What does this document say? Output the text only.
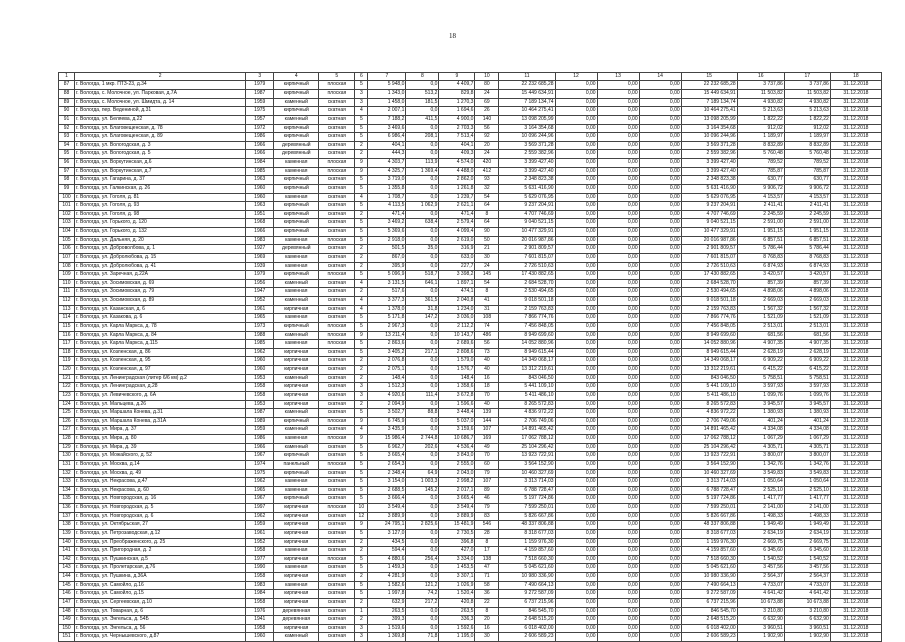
18
1	2	3	4	5	6	7	8	9	10	11	12	13	14	15	16	17	18
87	г. Вологда, 1 мкр. ПТЗ-23, д.34	1979	кирпичный	плоская	5	5 948,0	0,0	4 409,7	80	22 232 685,28	0,00	0,00	0,00	22 232 685,28	3 737,86	3 737,86	31.12.2018
88	г. Вологда, с. Молочное, ул. Парковая, д.7А	1987	кирпичный	плоская	3	1 343,0	513,2	829,8	24	15 449 634,91	0,00	0,00	0,00	15 449 634,91	11 503,82	11 503,82	31.12.2018
89	г. Вологда, с. Молочное, ул. Шмидта, д. 14	1959	каменный	скатная	3	1 458,0	181,5	1 270,3	69	7 189 134,74	0,00	0,00	0,00	7 189 134,74	4 930,82	4 930,82	31.12.2018
90	г. Вологда, пер. Ведениной, д.31	1975	кирпичный	скатная	4	2 007,1	0,0	1 694,6	26	10 464 275,41	0,00	0,00	0,00	10 464 275,41	5 213,63	5 213,63	31.12.2018
91	г. Вологда, ул. Беляева, д.22	1957	каменный	скатная	5	7 188,2	411,5	4 900,0	140	13 098 205,99	0,00	0,00	0,00	13 098 205,99	1 822,22	1 822,22	31.12.2018
92	г. Вологда, ул. Благовещенская, д. 78	1972	кирпичный	скатная	5	3 469,6	0,0	2 703,3	56	3 164 354,68	0,00	0,00	0,00	3 164 354,68	912,02	912,02	31.12.2018
93	г. Вологда, ул. Благовещенская, д. 89	1986	кирпичный	скатная	5	6 986,4	208,1	7 513,4	92	10 096 244,96	0,00	0,00	0,00	10 096 244,96	1 189,97	1 189,97	31.12.2018
94	г. Вологда, ул. Вологодская, д. 3	1966	деревянный	скатная	2	404,1	0,0	404,1	20	3 569 371,28	0,00	0,00	0,00	3 569 371,28	8 832,89	8 832,89	31.12.2018
95	г. Вологда, ул. Вологодская, д. 5	1966	деревянный	скатная	2	444,3	0,0	409,3	24	2 559 382,96	0,00	0,00	0,00	2 559 382,96	5 760,48	5 760,48	31.12.2018
96	г. Вологда, ул. Воркутинская, д.6	1984	каменная	плоская	9	4 303,7	113,9	4 574,0	420	3 399 427,40	0,00	0,00	0,00	3 399 427,40	789,52	789,52	31.12.2018
97	г. Вологда, ул. Воркутинская, д.7	1985	каменная	плоская	9	4 325,7	1 369,4	4 488,0	412	3 399 427,40	0,00	0,00	0,00	3 399 427,40	785,87	785,87	31.12.2018
98	г. Вологда, ул. Гагарина, д. 37	1963	кирпичный	скатная	5	3 719,0	0,0	2 862,0	93	2 348 823,38	0,00	0,00	0,00	2 348 823,38	630,77	630,77	31.12.2018
99	г. Вологда, ул. Галкинская, д. 26	1960	кирпичный	скатная	5	1 355,8	0,0	1 261,8	32	5 631 416,90	0,00	0,00	0,00	5 631 416,90	9 906,72	9 906,72	31.12.2018
100	г. Вологда, ул. Гоголя, д. 81	1960	каменная	скатная	4	1 708,7	0,0	1 239,7	54	5 629 076,95	0,00	0,00	0,00	5 629 076,95	4 153,57	4 153,57	31.12.2018
101	г. Вологда, ул. Гоголя, д. 93	1963	кирпичный	скатная	5	4 113,5	1 062,9	2 621,1	64	9 237 204,91	0,00	0,00	0,00	9 237 204,91	2 411,41	2 411,41	31.12.2018
102	г. Вологда, ул. Гоголя, д. 98	1951	кирпичный	скатная	2	471,4	0,0	471,4	8	4 707 746,69	0,00	0,00	0,00	4 707 746,69	2 245,59	2 245,59	31.12.2018
103	г. Вологда, ул. Горького, д. 120	1968	кирпичный	скатная	5	3 469,2	638,4	2 579,4	64	9 040 521,15	0,00	0,00	0,00	9 040 521,15	2 591,00	2 591,00	31.12.2018
104	г. Вологда, ул. Горького, д. 132	1966	кирпичный	скатная	5	5 369,6	0,0	4 099,4	90	10 477 329,91	0,00	0,00	0,00	10 477 329,91	1 951,15	1 951,15	31.12.2018
105	г. Вологда, ул. Дальняя, д. 20	1983	каменная	плоская	5	2 918,0	0,0	2 619,0	50	20 016 987,86	0,00	0,00	0,00	20 016 987,86	6 857,51	6 857,51	31.12.2018
106	г. Вологда, ул. Доброволбова, д. 1	1927	деревянный	скатная	2	501,5	35,0	316,9	21	2 901 809,57	0,00	0,00	0,00	2 901 809,57	5 786,44	5 786,44	31.12.2018
107	г. Вологда, ул. Добролюбова, д. 15	1969	каменная	скатная	2	867,0	0,0	633,0	30	7 601 815,07	0,00	0,00	0,00	7 601 815,07	8 768,83	8 768,83	31.12.2018
108	г. Вологда, ул. Добролюбова, д. 41	1939	каменная	скатная	2	395,9	0,0	227,7	24	2 726 510,63	0,00	0,00	0,00	2 726 510,63	6 874,93	6 874,93	31.12.2018
109	г. Вологда, ул. Заречная, д.22А	1979	кирпичный	плоская	5	5 096,9	518,7	3 398,2	145	17 430 882,65	0,00	0,00	0,00	17 430 882,65	3 420,57	3 420,57	31.12.2018
110	г. Вологда, ул. Зосимовская, д. 69	1956	каменный	скатная	4	3 131,5	646,1	1 897,1	54	2 684 528,70	0,00	0,00	0,00	2 684 528,70	857,39	857,39	31.12.2018
111	г. Вологда, ул. Зосимовская, д. 79	1947	каменная	скатная	2	517,6	0,0	474,1	8	2 530 494,65	0,00	0,00	0,00	2 530 494,65	4 898,06	4 898,06	31.12.2018
112	г. Вологда, ул. Зосимовская, д. 89	1952	каменный	скатная	4	3 377,3	361,5	2 040,8	41	9 018 501,18	0,00	0,00	0,00	9 018 501,18	2 669,03	2 669,03	31.12.2018
113	г. Вологда, ул. Казанская, д. 6	1961	кирпичная	скатная	4	1 378,0	31,8	1 234,0	31	2 159 763,83	0,00	0,00	0,00	2 159 763,83	1 567,32	1 567,32	31.12.2018
114	г. Вологда, ул. Казакова, д. 6	1965	каменная	скатная	5	5 171,8	147,2	3 036,0	108	7 866 774,76	0,00	0,00	0,00	7 866 774,76	1 521,09	1 521,09	31.12.2018
115	г. Вологда, ул. Карла Маркса, д. 78	1973	кирпичный	плоская	5	2 967,3	0,0	2 112,2	74	7 456 848,05	0,00	0,00	0,00	7 456 848,05	2 513,01	2 513,01	31.12.2018
116	г. Вологда, ул. Карла Маркса, д. 84	1988	каменный	плоская	9	13 211,4	0,0	10 143,7	486	8 949 699,60	0,00	0,00	0,00	8 949 699,60	681,56	681,56	31.12.2018
117	г. Вологда, ул. Карла Маркса, д.115	1985	каменная	плоская	5	2 863,6	0,0	2 689,6	56	14 052 880,96	0,00	0,00	0,00	14 052 880,96	4 907,35	4 907,35	31.12.2018
118	г. Вологда, ул. Козленская, д. 86	1962	кирпичная	скатная	5	3 405,2	217,1	2 808,6	73	8 949 615,44	0,00	0,00	0,00	8 949 615,44	2 628,19	2 628,19	31.12.2018
119	г. Вологда, ул. Козленская, д. 95	1960	кирпичная	скатная	2	2 076,8	0,0	1 579,0	40	14 349 068,17	0,00	0,00	0,00	14 349 068,17	6 909,22	6 909,22	31.12.2018
120	г. Вологда, ул. Козленская, д. 97	1960	кирпичная	скатная	2	2 075,1	0,0	1 576,7	40	13 312 219,61	0,00	0,00	0,00	13 312 219,61	6 415,22	6 415,22	31.12.2018
121	г. Вологда, ул. Ленинградская (литер 6/6 км) д.2	1953	каменный	скатная	2	148,4	0,0	148,4	16	843 046,50	0,00	0,00	0,00	843 046,50	5 758,51	5 758,51	31.12.2018
122	г. Вологда, ул. Ленинградская, д.28	1958	кирпичная	скатная	3	1 512,3	0,0	1 358,6	18	5 441 109,10	0,00	0,00	0,00	5 441 109,10	3 597,93	3 597,93	31.12.2018
123	г. Вологда, ул. Левичевского, д. 6А	1958	кирпичная	скатная	3	4 920,6	111,4	3 672,8	70	5 411 486,10	0,00	0,00	0,00	5 411 486,10	1 099,76	1 099,76	31.12.2018
124	г. Вологда, ул. Мальцева, д.26	1953	кирпичная	скатная	2	2 094,9	0,0	1 596,6	40	8 265 572,83	0,00	0,00	0,00	8 265 572,83	3 945,57	3 945,57	31.12.2018
125	г. Вологда, ул. Маршала Конева, д.31	1987	каменный	скатная	5	3 502,7	88,8	3 448,4	139	4 836 972,22	0,00	0,00	0,00	4 836 972,22	1 380,93	1 380,93	31.12.2018
126	г. Вологда, ул. Маршала Конева, д.31А	1989	кирпичный	плоская	9	6 745,9	0,0	5 037,0	144	2 706 749,06	0,00	0,00	0,00	2 706 749,06	401,24	401,24	31.12.2018
127	г. Вологда, ул. Мира, д. 37	1959	каменный	скатная	4	3 435,9	0,0	3 159,6	107	14 891 465,42	0,00	0,00	0,00	14 891 465,42	4 334,08	4 334,08	31.12.2018
128	г. Вологда, ул. Мира, д. 80	1986	каменная	плоская	9	15 986,4	2 744,8	10 686,7	169	17 062 788,12	0,00	0,00	0,00	17 062 788,12	1 067,29	1 067,29	31.12.2018
129	г. Вологда, ул. Мира, д. 39	1966	каменный	скатная	5	6 962,7	202,6	4 536,4	49	25 104 296,42	0,00	0,00	0,00	25 104 296,42	4 305,71	4 305,71	31.12.2018
130	г. Вологда, ул. Можайского, д. 52	1967	кирпичный	скатная	5	3 665,4	0,0	3 843,0	70	13 923 722,91	0,00	0,00	0,00	13 923 722,91	3 800,07	3 800,07	31.12.2018
131	г. Вологда, ул. Москва, д.14	1974	панельный	плоская	5	2 654,3	0,0	2 555,0	60	3 564 152,90	0,00	0,00	0,00	3 564 152,90	1 342,76	1 342,76	31.12.2018
132	г. Вологда, ул. Москва, д. 49	1975	кирпичный	скатная	5	2 348,4	64,9	2 043,0	79	10 460 327,69	0,00	0,00	0,00	10 460 327,69	3 549,83	3 549,83	31.12.2018
133	г. Вологда, ул. Некрасова, д.47	1962	каменная	скатная	5	3 154,0	1 003,3	2 998,2	107	3 313 714,03	0,00	0,00	0,00	3 313 714,03	1 050,64	1 050,64	31.12.2018
134	г. Вологда, ул. Некрасова, д. 60	1965	каменная	скатная	5	2 688,5	145,2	2 017,1	89	6 788 728,47	0,00	0,00	0,00	6 788 728,47	2 525,10	2 525,10	31.12.2018
135	г. Вологда, ул. Новгородская, д. 16	1967	кирпичный	скатная	5	3 666,4	0,0	3 665,4	46	5 197 724,86	0,00	0,00	0,00	5 197 724,86	1 417,77	1 417,77	31.12.2018
136	г. Вологда, ул. Новгородская, д. 5	1997	кирпичная	плоская	10	3 549,4	0,0	3 549,4	79	7 599 250,01	0,00	0,00	0,00	7 599 250,01	2 141,00	2 141,00	31.12.2018
137	г. Вологда, ул. Новгородская, д. 6	1962	кирпичная	скатная	12	3 889,9	0,0	3 889,9	83	5 826 667,86	0,00	0,00	0,00	5 826 667,86	1 498,33	1 498,33	31.12.2018
138	г. Вологда, ул. Октябрьская, 27	1959	кирпичная	скатная	9	24 795,1	2 825,6	15 481,9	546	48 337 806,88	0,00	0,00	0,00	48 337 806,88	1 949,49	1 949,49	31.12.2018
139	г. Вологда, ул. Петрозаводская, д.12	1961	кирпичная	скатная	5	3 127,0	0,0	2 730,5	28	8 318 677,03	0,00	0,00	0,00	8 318 677,03	2 634,19	2 634,19	31.12.2018
140	г. Вологда, ул. Преображенского, д. 25	1952	кирпичная	скатная	2	434,5	0,0	396,8	8	1 159 976,30	0,00	0,00	0,00	1 159 976,30	2 669,75	2 669,75	31.12.2018
141	г. Вологда, ул. Пригородная, д. 2	1958	каменная	скатная	2	594,4	0,0	427,0	17	4 159 857,60	0,00	0,00	0,00	4 159 857,60	6 345,60	6 345,60	31.12.2018
142	г. Вологда, ул. Пушкинская, д.5	1977	кирпичная	плоская	5	4 880,6	256,4	3 334,0	138	7 518 660,30	0,00	0,00	0,00	7 518 660,30	1 540,52	1 540,52	31.12.2018
143	г. Вологда, ул. Пролетарская, д.76	1990	каменная	скатная	5	1 459,3	0,0	1 453,5	47	5 045 621,60	0,00	0,00	0,00	5 045 621,60	3 457,56	3 457,56	31.12.2018
144	г. Вологда, ул. Пушкина, д.36А	1958	кирпичная	скатная	2	4 281,9	0,0	3 307,1	71	10 980 336,90	0,00	0,00	0,00	10 980 336,90	2 564,37	2 564,37	31.12.2018
145	г. Вологда, ул. Самойло, д.16	1983	каменная	скатная	5	1 582,6	121,2	1 026,9	58	7 490 664,13	0,00	0,00	0,00	7 490 664,13	4 733,07	4 733,07	31.12.2018
146	г. Вологда, ул. Самойло, д.15	1984	кирпичная	скатная	5	1 997,8	74,2	1 520,4	36	9 272 587,09	0,00	0,00	0,00	9 272 587,09	4 641,42	4 641,42	31.12.2018
147	г. Вологда, ул. Сергеевская, д.10	1958	кирпичная	скатная	2	632,9	217,2	420,8	22	6 737 215,96	0,00	0,00	0,00	6 737 215,96	10 673,88	10 673,88	31.12.2018
148	г. Вологда, ул. Товарная, д. 6	1976	деревянная	скатная	1	263,5	0,0	263,5	8	846 545,70	0,00	0,00	0,00	846 545,70	3 210,80	3 210,80	31.12.2018
149	г. Вологда, ул. Энгельса, д. 54Б	1941	деревянная	скатная	2	399,3	0,0	336,3	20	2 648 515,20	0,00	0,00	0,00	2 648 515,20	6 632,90	6 632,90	31.12.2018
150	г. Вологда, ул. Энгельса, д. 56	1958	кирпичная	скатная	3	1 519,6	0,0	1 592,6	16	6 018 402,00	0,00	0,00	0,00	6 018 402,00	3 960,51	3 960,51	31.12.2018
151	г. Вологда, ул. Чернышевского, д.87	1960	каменный	скатная	3	1 369,8	71,8	1 195,0	30	2 606 589,23	0,00	0,00	0,00	2 606 589,23	1 902,90	1 902,90	31.12.2018
